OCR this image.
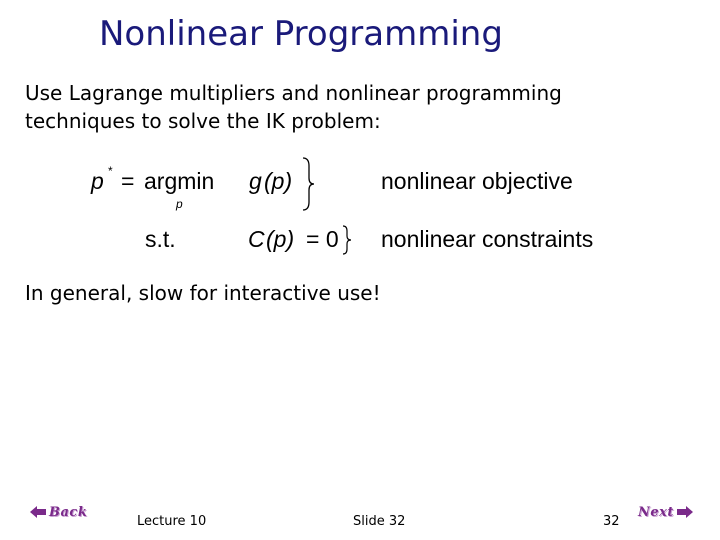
Nonlinear Programming
Use Lagrange multipliers and nonlinear programming
techniques to solve the IK problem:
p * = argmin
p
g (p)	nonlinear objective
s.t.	C (p) = 0 nonlinear constraints
In general, slow for interactive use!
Back
Lecture 10	Slide 32	32
Next
